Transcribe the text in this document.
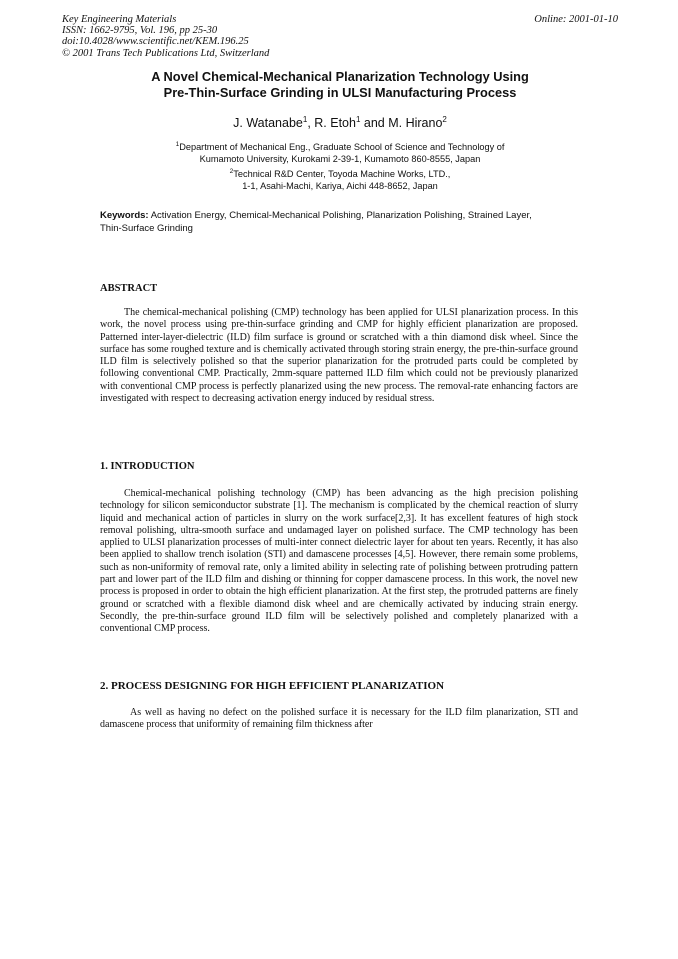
Key Engineering Materials
ISSN: 1662-9795, Vol. 196, pp 25-30
doi:10.4028/www.scientific.net/KEM.196.25
© 2001 Trans Tech Publications Ltd, Switzerland
Online: 2001-01-10
A Novel Chemical-Mechanical Planarization Technology Using
Pre-Thin-Surface Grinding in ULSI Manufacturing Process
J. Watanabe$^1$, R. Etoh$^1$ and M. Hirano$^2$
$^1$Department of Mechanical Eng., Graduate School of Science and Technology of
Kumamoto University, Kurokami 2-39-1, Kumamoto 860-8555, Japan
$^2$Technical R&D Center, Toyoda Machine Works, LTD.,
1-1, Asahi-Machi, Kariya, Aichi 448-8652, Japan
Keywords: Activation Energy, Chemical-Mechanical Polishing, Planarization Polishing, Strained Layer, Thin-Surface Grinding
ABSTRACT
The chemical-mechanical polishing (CMP) technology has been applied for ULSI planarization process. In this work, the novel process using pre-thin-surface grinding and CMP for highly efficient planarization are proposed. Patterned inter-layer-dielectric (ILD) film surface is ground or scratched with a thin diamond disk wheel. Since the surface has some roughed texture and is chemically activated through storing strain energy, the pre-thin-surface ground ILD film is selectively polished so that the superior planarization for the protruded parts could be completed by following conventional CMP. Practically, 2mm-square patterned ILD film which could not be previously planarized with conventional CMP process is perfectly planarized using the new process. The removal-rate enhancing factors are investigated with respect to decreasing activation energy induced by residual stress.
1. INTRODUCTION
Chemical-mechanical polishing technology (CMP) has been advancing as the high precision polishing technology for silicon semiconductor substrate [1]. The mechanism is complicated by the chemical reaction of slurry liquid and mechanical action of particles in slurry on the work surface[2,3]. It has excellent features of high stock removal polishing, ultra-smooth surface and undamaged layer on polished surface. The CMP technology has been applied to ULSI planarization processes of multi-inter connect dielectric layer for about ten years. Recently, it has also been applied to shallow trench isolation (STI) and damascene processes [4,5]. However, there remain some problems, such as non-uniformity of removal rate, only a limited ability in selecting rate of polishing between protruding pattern part and lower part of the ILD film and dishing or thinning for copper damascene process. In this work, the novel new process is proposed in order to obtain the high efficient planarization. At the first step, the protruded patterns are finely ground or scratched with a flexible diamond disk wheel and are chemically activated by inducing strain energy. Secondly, the pre-thin-surface ground ILD film will be selectively polished and completely planarized with a conventional CMP process.
2. PROCESS DESIGNING FOR HIGH EFFICIENT PLANARIZATION
As well as having no defect on the polished surface it is necessary for the ILD film planarization, STI and damascene process that uniformity of remaining film thickness after
